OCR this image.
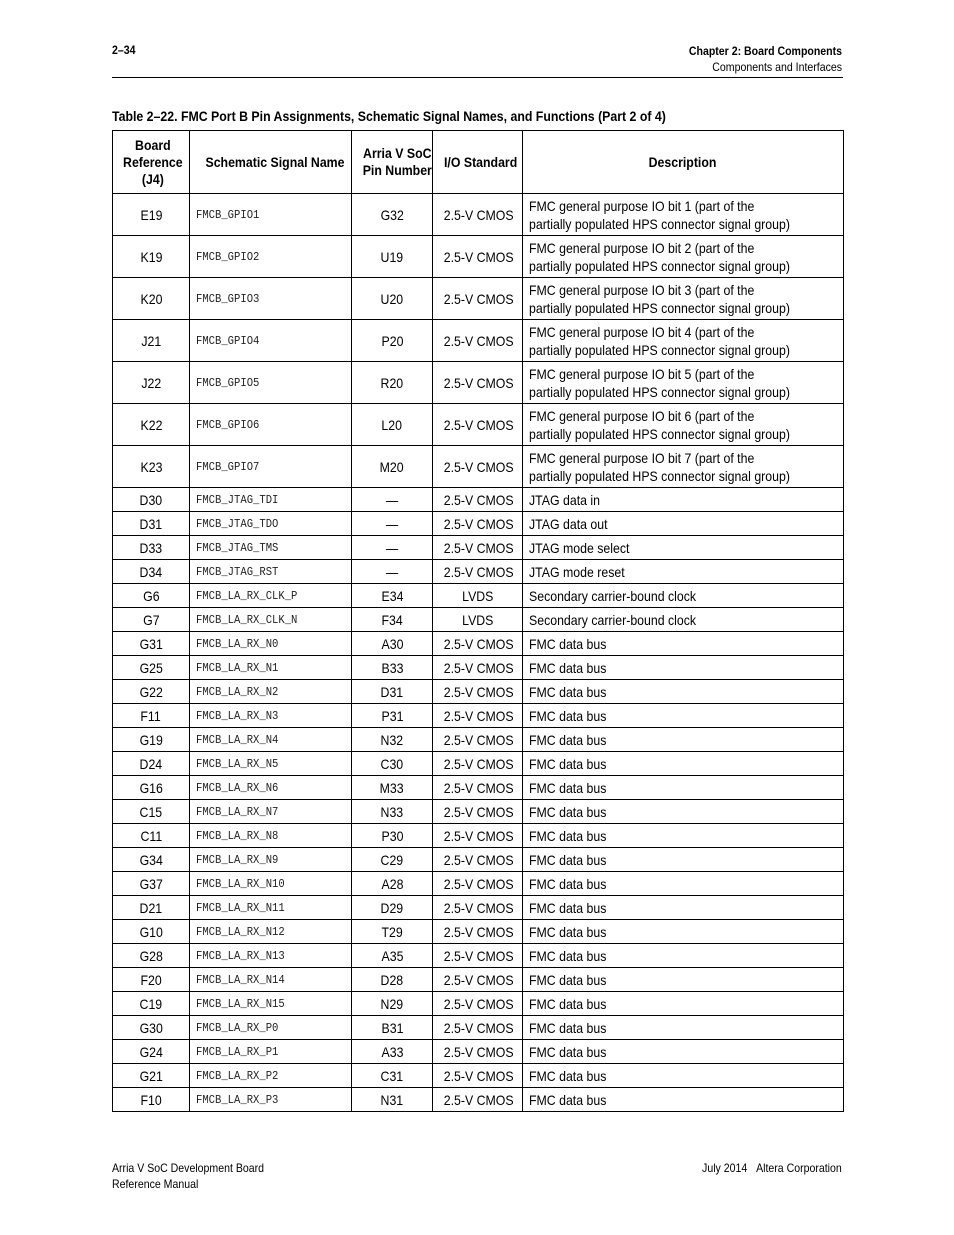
2–34	Chapter 2: Board Components
Components and Interfaces
Table 2–22. FMC Port B Pin Assignments, Schematic Signal Names, and Functions (Part 2 of 4)
Board
Reference
(J4)	Schematic Signal Name	Arria V SoC
Pin Number	I/O Standard	Description
E19	FMCB_GPIO1	G32	2.5-V CMOS	FMC general purpose IO bit 1 (part of the partially populated HPS connector signal group)
K19	FMCB_GPIO2	U19	2.5-V CMOS	FMC general purpose IO bit 2 (part of the partially populated HPS connector signal group)
K20	FMCB_GPIO3	U20	2.5-V CMOS	FMC general purpose IO bit 3 (part of the partially populated HPS connector signal group)
J21	FMCB_GPIO4	P20	2.5-V CMOS	FMC general purpose IO bit 4 (part of the partially populated HPS connector signal group)
J22	FMCB_GPIO5	R20	2.5-V CMOS	FMC general purpose IO bit 5 (part of the partially populated HPS connector signal group)
K22	FMCB_GPIO6	L20	2.5-V CMOS	FMC general purpose IO bit 6 (part of the partially populated HPS connector signal group)
K23	FMCB_GPIO7	M20	2.5-V CMOS	FMC general purpose IO bit 7 (part of the partially populated HPS connector signal group)
D30	FMCB_JTAG_TDI	—	2.5-V CMOS	JTAG data in
D31	FMCB_JTAG_TDO	—	2.5-V CMOS	JTAG data out
D33	FMCB_JTAG_TMS	—	2.5-V CMOS	JTAG mode select
D34	FMCB_JTAG_RST	—	2.5-V CMOS	JTAG mode reset
G6	FMCB_LA_RX_CLK_P	E34	LVDS	Secondary carrier-bound clock
G7	FMCB_LA_RX_CLK_N	F34	LVDS	Secondary carrier-bound clock
G31	FMCB_LA_RX_N0	A30	2.5-V CMOS	FMC data bus
G25	FMCB_LA_RX_N1	B33	2.5-V CMOS	FMC data bus
G22	FMCB_LA_RX_N2	D31	2.5-V CMOS	FMC data bus
F11	FMCB_LA_RX_N3	P31	2.5-V CMOS	FMC data bus
G19	FMCB_LA_RX_N4	N32	2.5-V CMOS	FMC data bus
D24	FMCB_LA_RX_N5	C30	2.5-V CMOS	FMC data bus
G16	FMCB_LA_RX_N6	M33	2.5-V CMOS	FMC data bus
C15	FMCB_LA_RX_N7	N33	2.5-V CMOS	FMC data bus
C11	FMCB_LA_RX_N8	P30	2.5-V CMOS	FMC data bus
G34	FMCB_LA_RX_N9	C29	2.5-V CMOS	FMC data bus
G37	FMCB_LA_RX_N10	A28	2.5-V CMOS	FMC data bus
D21	FMCB_LA_RX_N11	D29	2.5-V CMOS	FMC data bus
G10	FMCB_LA_RX_N12	T29	2.5-V CMOS	FMC data bus
G28	FMCB_LA_RX_N13	A35	2.5-V CMOS	FMC data bus
F20	FMCB_LA_RX_N14	D28	2.5-V CMOS	FMC data bus
C19	FMCB_LA_RX_N15	N29	2.5-V CMOS	FMC data bus
G30	FMCB_LA_RX_P0	B31	2.5-V CMOS	FMC data bus
G24	FMCB_LA_RX_P1	A33	2.5-V CMOS	FMC data bus
G21	FMCB_LA_RX_P2	C31	2.5-V CMOS	FMC data bus
F10	FMCB_LA_RX_P3	N31	2.5-V CMOS	FMC data bus
Arria V SoC Development Board
Reference Manual
July 2014 Altera Corporation
